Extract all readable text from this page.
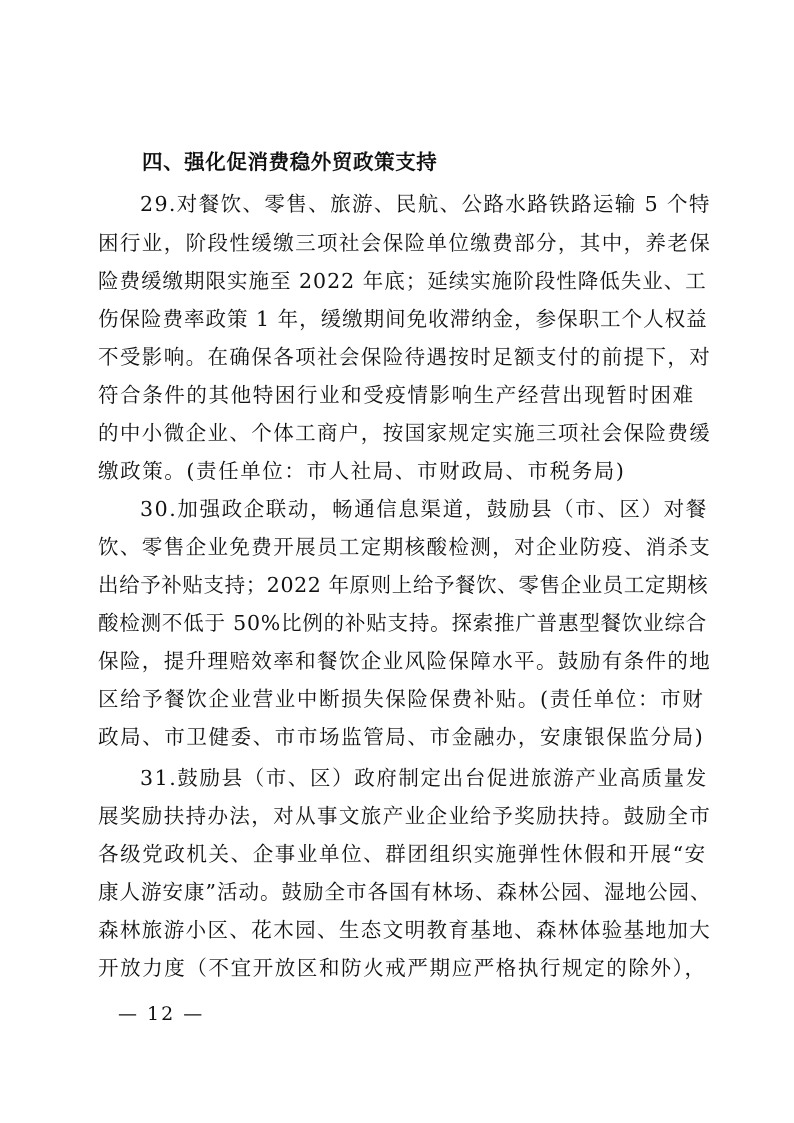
四、强化促消费稳外贸政策支持

29.对餐饮、零售、旅游、民航、公路水路铁路运输 5 个特

困行业，阶段性缓缴三项社会保险单位缴费部分，其中，养老保

险费缓缴期限实施至 2022 年底；延续实施阶段性降低失业、工

伤保险费率政策 1 年，缓缴期间免收滞纳金，参保职工个人权益

不受影响。在确保各项社会保险待遇按时足额支付的前提下，对

符合条件的其他特困行业和受疫情影响生产经营出现暂时困难

的中小微企业、个体工商户，按国家规定实施三项社会保险费缓

缴政策。(责任单位：市人社局、市财政局、市税务局)

30.加强政企联动，畅通信息渠道，鼓励县（市、区）对餐

饮、零售企业免费开展员工定期核酸检测，对企业防疫、消杀支

出给予补贴支持；2022 年原则上给予餐饮、零售企业员工定期核

酸检测不低于 50%比例的补贴支持。探索推广普惠型餐饮业综合

保险，提升理赔效率和餐饮企业风险保障水平。鼓励有条件的地

区给予餐饮企业营业中断损失保险保费补贴。(责任单位：市财

政局、市卫健委、市市场监管局、市金融办，安康银保监分局)

31.鼓励县（市、区）政府制定出台促进旅游产业高质量发

展奖励扶持办法，对从事文旅产业企业给予奖励扶持。鼓励全市

各级党政机关、企事业单位、群团组织实施弹性休假和开展“安

康人游安康”活动。鼓励全市各国有林场、森林公园、湿地公园、

森林旅游小区、花木园、生态文明教育基地、森林体验基地加大

开放力度（不宜开放区和防火戒严期应严格执行规定的除外），

— 12 —
